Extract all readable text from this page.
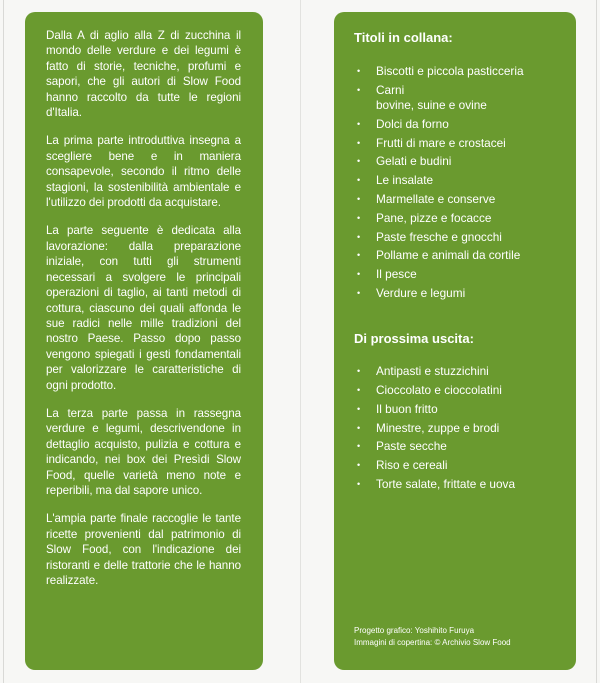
Dalla A di aglio alla Z di zucchina il mondo delle verdure e dei legumi è fatto di storie, tecniche, profumi e sapori, che gli autori di Slow Food hanno raccolto da tutte le regioni d'Italia.

La prima parte introduttiva insegna a scegliere bene e in maniera consapevole, secondo il ritmo delle stagioni, la sostenibilità ambientale e l'utilizzo dei prodotti da acquistare.

La parte seguente è dedicata alla lavorazione: dalla preparazione iniziale, con tutti gli strumenti necessari a svolgere le principali operazioni di taglio, ai tanti metodi di cottura, ciascuno dei quali affonda le sue radici nelle mille tradizioni del nostro Paese. Passo dopo passo vengono spiegati i gesti fondamentali per valorizzare le caratteristiche di ogni prodotto.

La terza parte passa in rassegna verdure e legumi, descrivendone in dettaglio acquisto, pulizia e cottura e indicando, nei box dei Presìdi Slow Food, quelle varietà meno note e reperibili, ma dal sapore unico.

L'ampia parte finale raccoglie le tante ricette provenienti dal patrimonio di Slow Food, con l'indicazione dei ristoranti e delle trattorie che le hanno realizzate.

Titoli in collana:
• Biscotti e piccola pasticceria
• Carni
bovine, suine e ovine
• Dolci da forno
• Frutti di mare e crostacei
• Gelati e budini
• Le insalate
• Marmellate e conserve
• Pane, pizze e focacce
• Paste fresche e gnocchi
• Pollame e animali da cortile
• Il pesce
• Verdure e legumi
Di prossima uscita:
• Antipasti e stuzzichini
• Cioccolato e cioccolatini
• Il buon fritto
• Minestre, zuppe e brodi
• Paste secche
• Riso e cereali
• Torte salate, frittate e uova
Progetto grafico: Yoshihito Furuya
Immagini di copertina: © Archivio Slow Food
